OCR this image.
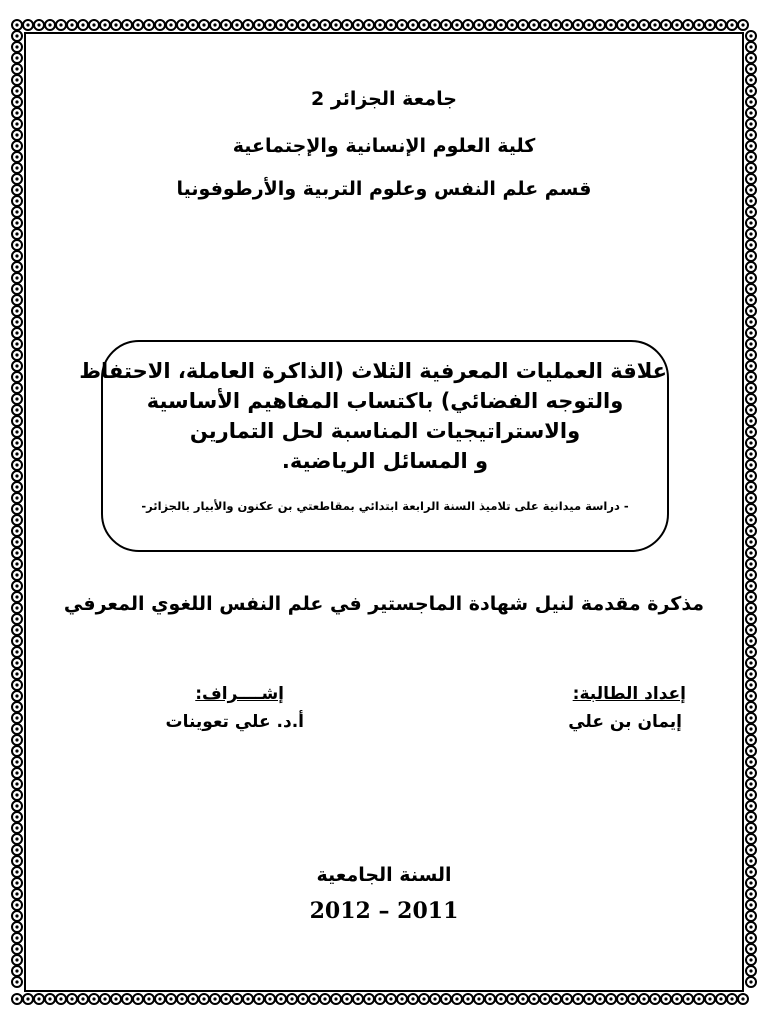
جامعة الجزائر 2
كلية العلوم الإنسانية والإجتماعية
قسم علم النفس وعلوم التربية والأرطوفونيا
علاقة العمليات المعرفية الثلاث (الذاكرة العاملة، الاحتفاظ
والتوجه الفضائي) باكتساب المفاهيم الأساسية
والاستراتيجيات المناسبة لحل التمارين
و المسائل الرياضية.
- دراسة ميدانية على تلاميذ السنة الرابعة ابتدائي بمقاطعتي بن عكنون والأبيار بالجزائر-
مذكرة مقدمة لنيل شهادة الماجستير في علم النفس اللغوي المعرفي
إعداد الطالبة:
إيمان بن علي
إشــــراف:
أ.د. علي تعوينات
السنة الجامعية
2012 – 2011
